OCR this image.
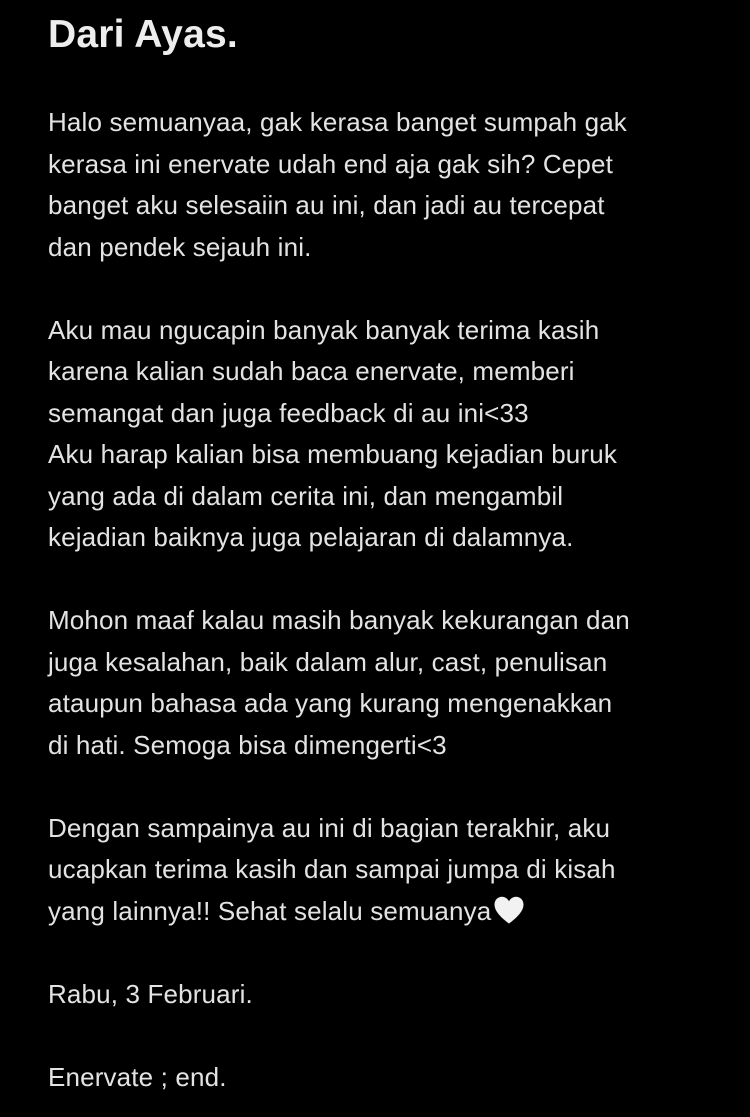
Dari Ayas.

Halo semuanyaa, gak kerasa banget sumpah gak
kerasa ini enervate udah end aja gak sih? Cepet
banget aku selesaiin au ini, dan jadi au tercepat
dan pendek sejauh ini.

Aku mau ngucapin banyak banyak terima kasih
karena kalian sudah baca enervate, memberi
semangat dan juga feedback di au ini<33
Aku harap kalian bisa membuang kejadian buruk
yang ada di dalam cerita ini, dan mengambil
kejadian baiknya juga pelajaran di dalamnya.

Mohon maaf kalau masih banyak kekurangan dan
juga kesalahan, baik dalam alur, cast, penulisan
ataupun bahasa ada yang kurang mengenakkan
di hati. Semoga bisa dimengerti<3

Dengan sampainya au ini di bagian terakhir, aku
ucapkan terima kasih dan sampai jumpa di kisah
yang lainnya!! Sehat selalu semuanya

Rabu, 3 Februari.

Enervate ; end.
